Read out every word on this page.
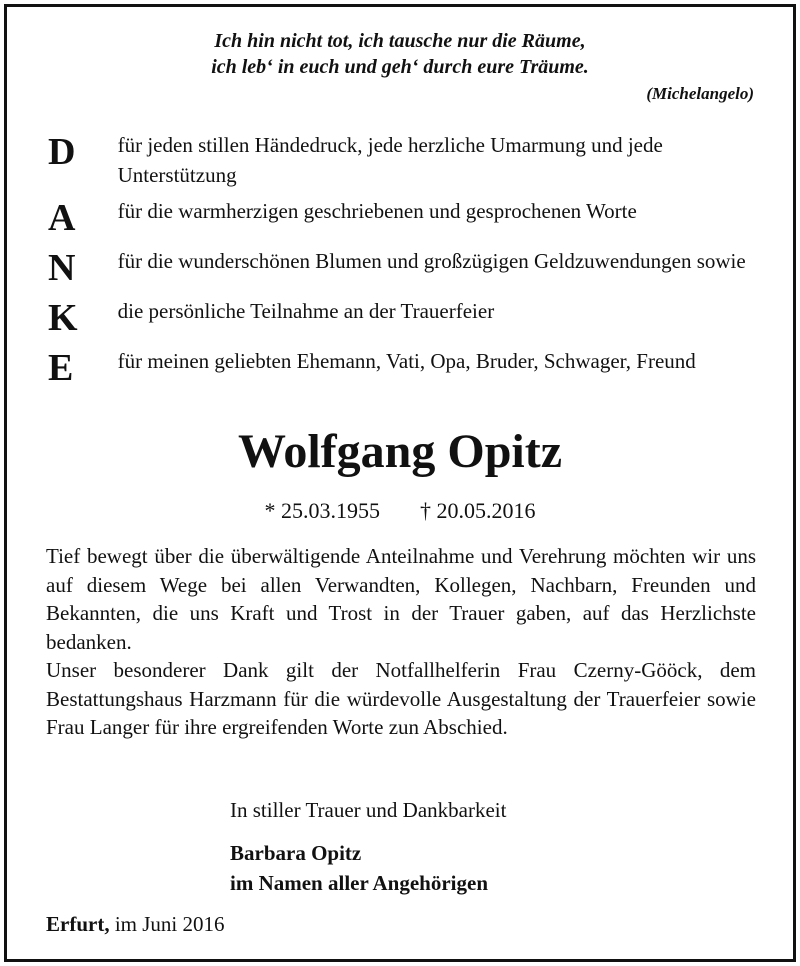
Ich hin nicht tot, ich tausche nur die Räume,
ich leb‘ in euch und geh‘ durch eure Träume.
(Michelangelo)
D	für jeden stillen Händedruck, jede herzliche Umarmung und jede Unterstützung
A	für die warmherzigen geschriebenen und gesprochenen Worte
N	für die wunderschönen Blumen und großzügigen Geldzuwendungen sowie
K	die persönliche Teilnahme an der Trauerfeier
E	für meinen geliebten Ehemann, Vati, Opa, Bruder, Schwager, Freund
Wolfgang Opitz
* 25.03.1955 † 20.05.2016

Tief bewegt über die überwältigende Anteilnahme und Verehrung möchten wir uns auf diesem Wege bei allen Verwandten, Kollegen, Nachbarn, Freunden und Bekannten, die uns Kraft und Trost in der Trauer gaben, auf das Herzlichste bedanken.

Unser besonderer Dank gilt der Notfallhelferin Frau Czerny-Gööck, dem Bestattungshaus Harzmann für die würdevolle Ausgestaltung der Trauerfeier sowie Frau Langer für ihre ergreifenden Worte zun Abschied.

In stiller Trauer und Dankbarkeit
Barbara Opitz
im Namen aller Angehörigen
Erfurt, im Juni 2016
